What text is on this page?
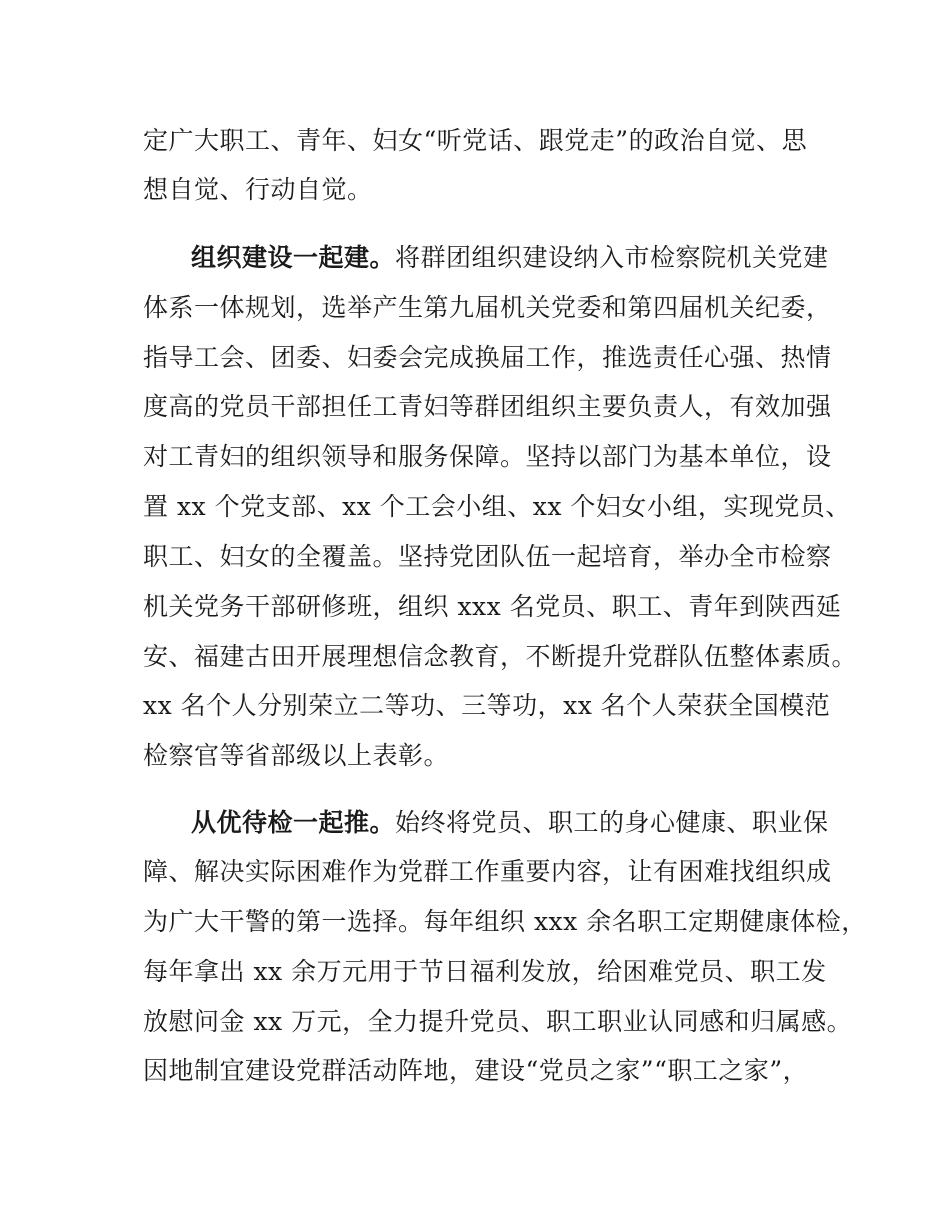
定广大职工、青年、妇女“听党话、跟党走”的政治自觉、思

想自觉、行动自觉。

组织建设一起建。将群团组织建设纳入市检察院机关党建

体系一体规划，选举产生第九届机关党委和第四届机关纪委，

指导工会、团委、妇委会完成换届工作，推选责任心强、热情

度高的党员干部担任工青妇等群团组织主要负责人，有效加强

对工青妇的组织领导和服务保障。坚持以部门为基本单位，设

置 xx 个党支部、xx 个工会小组、xx 个妇女小组，实现党员、

职工、妇女的全覆盖。坚持党团队伍一起培育，举办全市检察

机关党务干部研修班，组织 xxx 名党员、职工、青年到陕西延

安、福建古田开展理想信念教育，不断提升党群队伍整体素质。

xx 名个人分别荣立二等功、三等功，xx 名个人荣获全国模范

检察官等省部级以上表彰。

从优待检一起推。始终将党员、职工的身心健康、职业保

障、解决实际困难作为党群工作重要内容，让有困难找组织成

为广大干警的第一选择。每年组织 xxx 余名职工定期健康体检，

每年拿出 xx 余万元用于节日福利发放，给困难党员、职工发

放慰问金 xx 万元，全力提升党员、职工职业认同感和归属感。

因地制宜建设党群活动阵地，建设“党员之家”“职工之家”，
